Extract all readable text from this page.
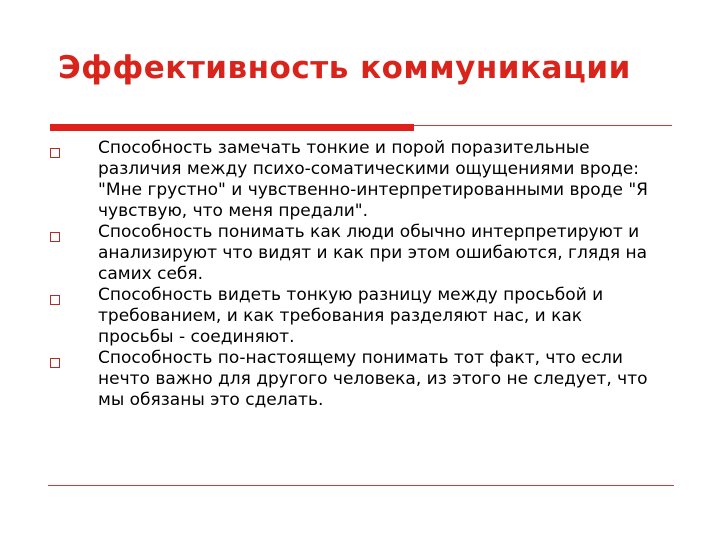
Эффективность коммуникации
Способность замечать тонкие и порой поразительные различия между психо-соматическими ощущениями вроде: "Мне грустно" и чувственно-интерпретированными вроде "Я чувствую, что меня предали".
Способность понимать как люди обычно интерпретируют и анализируют что видят и как при этом ошибаются, глядя на самих себя.
Способность видеть тонкую разницу между просьбой и требованием, и как требования разделяют нас, и как просьбы - соединяют.
Способность по-настоящему понимать тот факт, что если нечто важно для другого человека, из этого не следует, что мы обязаны это сделать.
